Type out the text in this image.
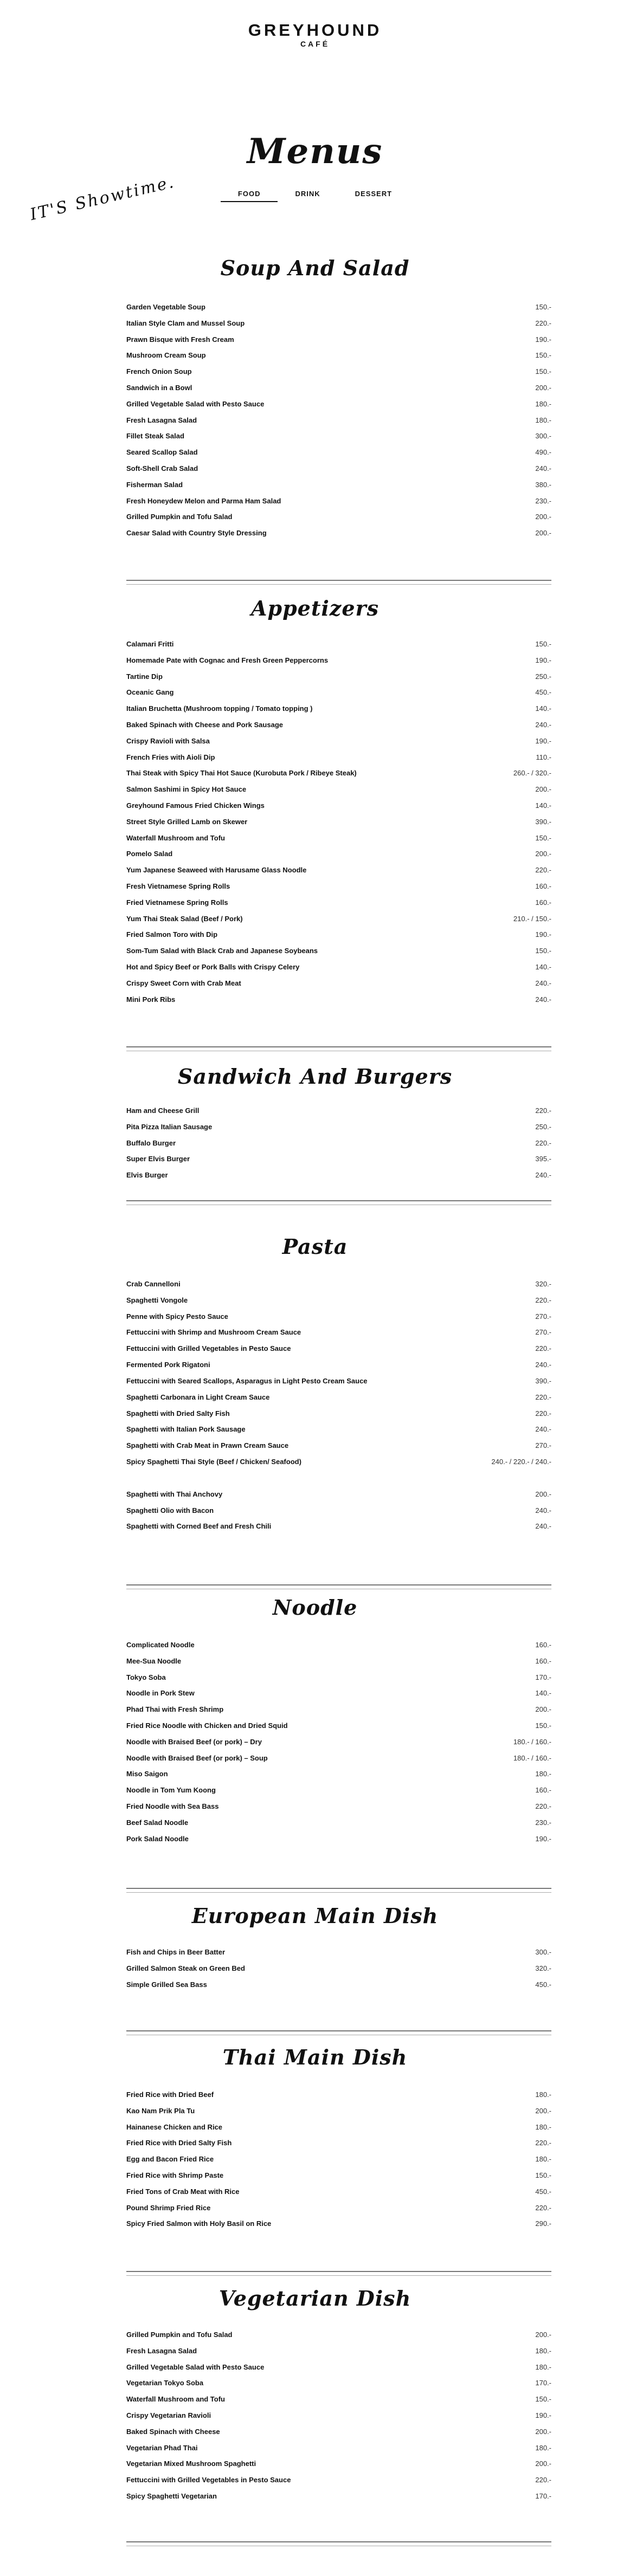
GREYHOUND
CAFÉ
Menus
IT'S Showtime.	FOOD	DRINK	DESSERT
Soup And Salad
Garden Vegetable Soup	150.-
Italian Style Clam and Mussel Soup	220.-
Prawn Bisque with Fresh Cream	190.-
Mushroom Cream Soup	150.-
French Onion Soup	150.-
Sandwich in a Bowl	200.-
Grilled Vegetable Salad with Pesto Sauce	180.-
Fresh Lasagna Salad	180.-
Fillet Steak Salad	300.-
Seared Scallop Salad	490.-
Soft-Shell Crab Salad	240.-
Fisherman Salad	380.-
Fresh Honeydew Melon and Parma Ham Salad	230.-
Grilled Pumpkin and Tofu Salad	200.-
Caesar Salad with Country Style Dressing	200.-
Appetizers
Calamari Fritti	150.-
Homemade Pate with Cognac and Fresh Green Peppercorns	190.-
Tartine Dip	250.-
Oceanic Gang	450.-
Italian Bruchetta (Mushroom topping / Tomato topping )	140.-
Baked Spinach with Cheese and Pork Sausage	240.-
Crispy Ravioli with Salsa	190.-
French Fries with Aioli Dip	110.-
Thai Steak with Spicy Thai Hot Sauce (Kurobuta Pork / Ribeye Steak)	260.- / 320.-
Salmon Sashimi in Spicy Hot Sauce	200.-
Greyhound Famous Fried Chicken Wings	140.-
Street Style Grilled Lamb on Skewer	390.-
Waterfall Mushroom and Tofu	150.-
Pomelo Salad	200.-
Yum Japanese Seaweed with Harusame Glass Noodle	220.-
Fresh Vietnamese Spring Rolls	160.-
Fried Vietnamese Spring Rolls	160.-
Yum Thai Steak Salad (Beef / Pork)	210.- / 150.-
Fried Salmon Toro with Dip	190.-
Som-Tum Salad with Black Crab and Japanese Soybeans	150.-
Hot and Spicy Beef or Pork Balls with Crispy Celery	140.-
Crispy Sweet Corn with Crab Meat	240.-
Mini Pork Ribs	240.-
Sandwich And Burgers
Ham and Cheese Grill	220.-
Pita Pizza Italian Sausage	250.-
Buffalo Burger	220.-
Super Elvis Burger	395.-
Elvis Burger	240.-
Pasta
Crab Cannelloni	320.-
Spaghetti Vongole	220.-
Penne with Spicy Pesto Sauce	270.-
Fettuccini with Shrimp and Mushroom Cream Sauce	270.-
Fettuccini with Grilled Vegetables in Pesto Sauce	220.-
Fermented Pork Rigatoni	240.-
Fettuccini with Seared Scallops, Asparagus in Light Pesto Cream Sauce	390.-
Spaghetti Carbonara in Light Cream Sauce	220.-
Spaghetti with Dried Salty Fish	220.-
Spaghetti with Italian Pork Sausage	240.-
Spaghetti with Crab Meat in Prawn Cream Sauce	270.-
Spicy Spaghetti Thai Style (Beef / Chicken/ Seafood)	240.- / 220.- / 240.-
Spaghetti with Thai Anchovy	200.-
Spaghetti Olio with Bacon	240.-
Spaghetti with Corned Beef and Fresh Chili	240.-
Noodle
Complicated Noodle	160.-
Mee-Sua Noodle	160.-
Tokyo Soba	170.-
Noodle in Pork Stew	140.-
Phad Thai with Fresh Shrimp	200.-
Fried Rice Noodle with Chicken and Dried Squid	150.-
Noodle with Braised Beef (or pork) – Dry	180.- / 160.-
Noodle with Braised Beef (or pork) – Soup	180.- / 160.-
Miso Saigon	180.-
Noodle in Tom Yum Koong	160.-
Fried Noodle with Sea Bass	220.-
Beef Salad Noodle	230.-
Pork Salad Noodle	190.-
European Main Dish
Fish and Chips in Beer Batter	300.-
Grilled Salmon Steak on Green Bed	320.-
Simple Grilled Sea Bass	450.-
Thai Main Dish
Fried Rice with Dried Beef	180.-
Kao Nam Prik Pla Tu	200.-
Hainanese Chicken and Rice	180.-
Fried Rice with Dried Salty Fish	220.-
Egg and Bacon Fried Rice	180.-
Fried Rice with Shrimp Paste	150.-
Fried Tons of Crab Meat with Rice	450.-
Pound Shrimp Fried Rice	220.-
Spicy Fried Salmon with Holy Basil on Rice	290.-
Vegetarian Dish
Grilled Pumpkin and Tofu Salad	200.-
Fresh Lasagna Salad	180.-
Grilled Vegetable Salad with Pesto Sauce	180.-
Vegetarian Tokyo Soba	170.-
Waterfall Mushroom and Tofu	150.-
Crispy Vegetarian Ravioli	190.-
Baked Spinach with Cheese	200.-
Vegetarian Phad Thai	180.-
Vegetarian Mixed Mushroom Spaghetti	200.-
Fettuccini with Grilled Vegetables in Pesto Sauce	220.-
Spicy Spaghetti Vegetarian	170.-
